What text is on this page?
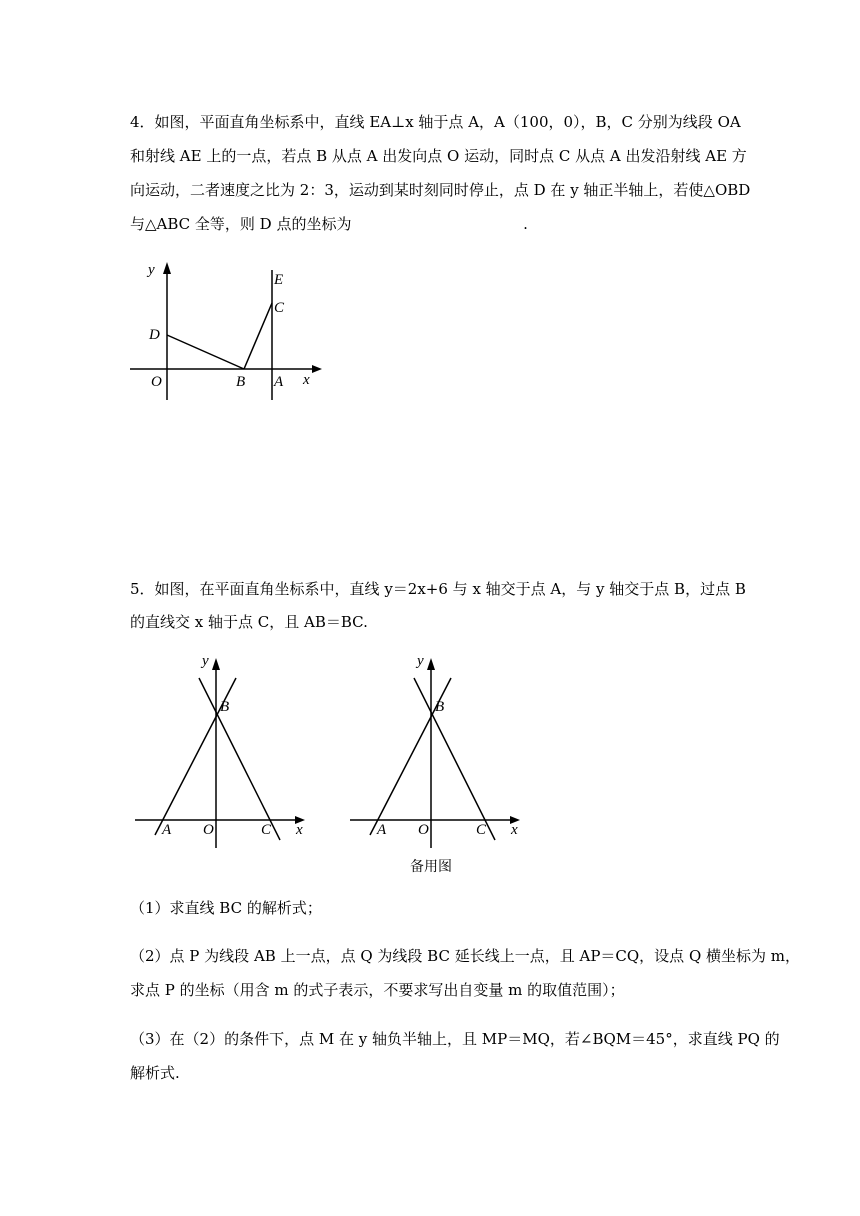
4．如图，平面直角坐标系中，直线 EA⊥x 轴于点 A，A（100，0），B，C 分别为线段 OA
和射线 AE 上的一点，若点 B 从点 A 出发向点 O 运动，同时点 C 从点 A 出发沿射线 AE 方
向运动，二者速度之比为 2：3，运动到某时刻同时停止，点 D 在 y 轴正半轴上，若使△OBD
与△ABC 全等，则 D 点的坐标为                                    .
y
E
C
D
O	B A x
5．如图，在平面直角坐标系中，直线 y＝2x+6 与 x 轴交于点 A，与 y 轴交于点 B，过点 B
的直线交 x 轴于点 C，且 AB＝BC.
y
B
A O	C x
y
B
A O	C x
备用图
（1）求直线 BC 的解析式；
（2）点 P 为线段 AB 上一点，点 Q 为线段 BC 延长线上一点，且 AP＝CQ，设点 Q 横坐标为 m，
求点 P 的坐标（用含 m 的式子表示，不要求写出自变量 m 的取值范围）；
（3）在（2）的条件下，点 M 在 y 轴负半轴上，且 MP＝MQ，若∠BQM＝45°，求直线 PQ 的
解析式.
